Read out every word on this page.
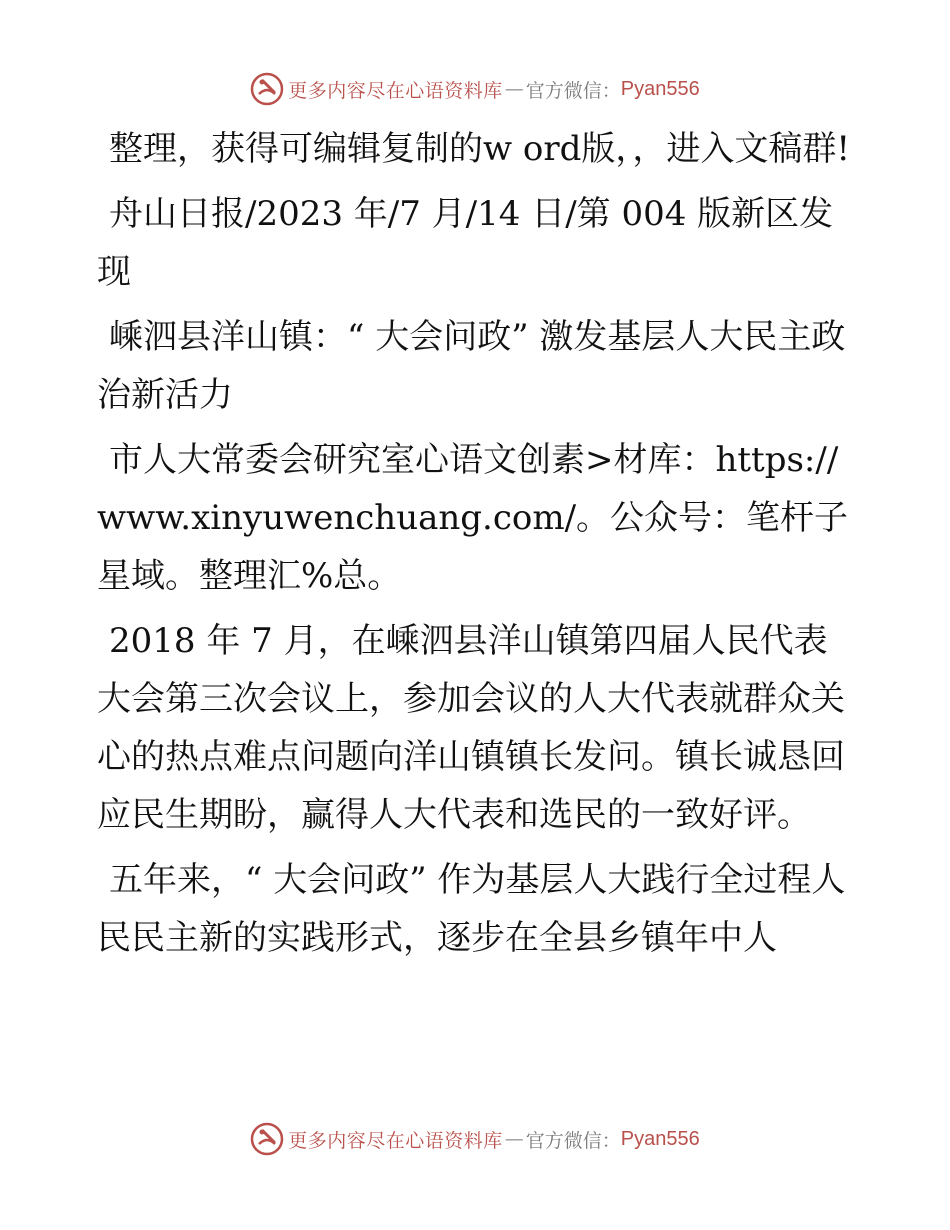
更多内容尽在心语资料库 — 官方微信： Pyan556

整理，获得可编辑复制的w ord版，，进入文稿群!

舟山日报/2023 年/7 月/14 日/第 004 版新区发现

嵊泗县洋山镇：“ 大会问政” 激发基层人大民主政治新活力

市人大常委会研究室心语文创素>材库：https://www.xinyuwenchuang.com/。公众号：笔杆子星域。整理汇%总。

2018 年 7 月，在嵊泗县洋山镇第四届人民代表大会第三次会议上，参加会议的人大代表就群众关心的热点难点问题向洋山镇镇长发问。镇长诚恳回应民生期盼，赢得人大代表和选民的一致好评。

五年来，“ 大会问政” 作为基层人大践行全过程人民民主新的实践形式，逐步在全县乡镇年中人

更多内容尽在心语资料库 — 官方微信： Pyan556
